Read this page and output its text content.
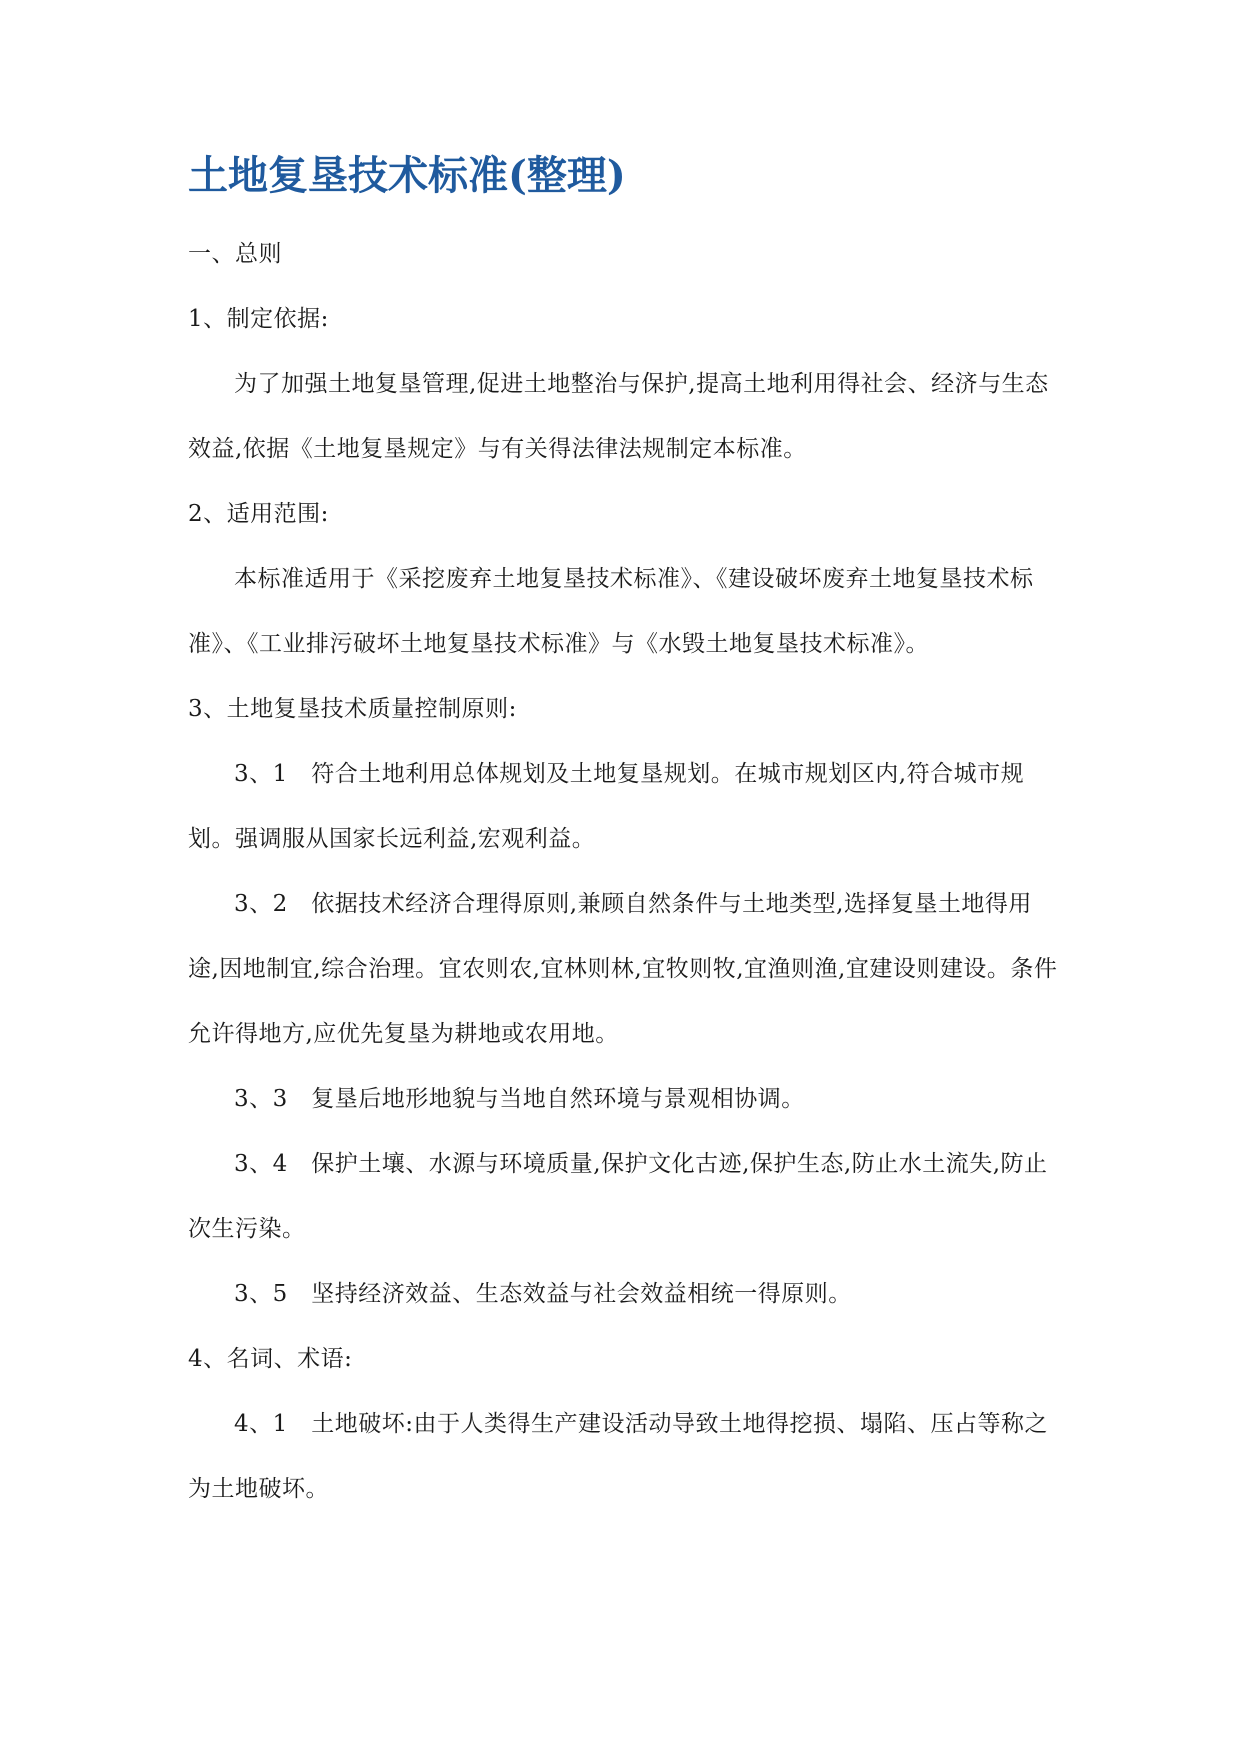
土地复垦技术标准(整理)

一、总则

1、制定依据:

为了加强土地复垦管理,促进土地整治与保护,提高土地利用得社会、经济与生态效益,依据《土地复垦规定》与有关得法律法规制定本标准。

2、适用范围:

本标准适用于《采挖废弃土地复垦技术标准》、《建设破坏废弃土地复垦技术标准》、《工业排污破坏土地复垦技术标准》与《水毁土地复垦技术标准》。

3、土地复垦技术质量控制原则:

3、1　符合土地利用总体规划及土地复垦规划。在城市规划区内,符合城市规划。强调服从国家长远利益,宏观利益。

3、2　依据技术经济合理得原则,兼顾自然条件与土地类型,选择复垦土地得用途,因地制宜,综合治理。宜农则农,宜林则林,宜牧则牧,宜渔则渔,宜建设则建设。条件允许得地方,应优先复垦为耕地或农用地。

3、3　复垦后地形地貌与当地自然环境与景观相协调。

3、4　保护土壤、水源与环境质量,保护文化古迹,保护生态,防止水土流失,防止次生污染。

3、5　坚持经济效益、生态效益与社会效益相统一得原则。

4、名词、术语:

4、1　土地破坏:由于人类得生产建设活动导致土地得挖损、塌陷、压占等称之为土地破坏。
